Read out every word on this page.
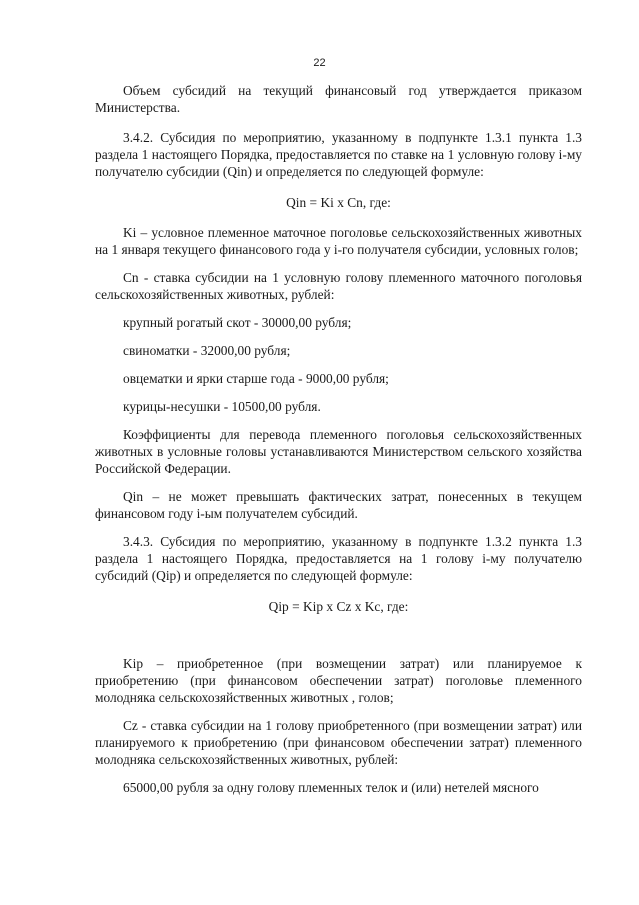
22

Объем субсидий на текущий финансовый год утверждается приказом Министерства.

3.4.2. Субсидия по мероприятию, указанному в подпункте 1.3.1 пункта 1.3 раздела 1 настоящего Порядка, предоставляется по ставке на 1 условную голову i-му получателю субсидии (Qin) и определяется по следующей формуле:

Qin = Ki х Cn, где:

Ki – условное племенное маточное поголовье сельскохозяйственных животных на 1 января текущего финансового года у i-го получателя субсидии, условных голов;

Cn - ставка субсидии на 1 условную голову племенного маточного поголовья сельскохозяйственных животных, рублей:

крупный рогатый скот - 30000,00 рубля;

свиноматки - 32000,00 рубля;

овцематки и ярки старше года - 9000,00 рубля;

курицы-несушки - 10500,00 рубля.

Коэффициенты для перевода племенного поголовья сельскохозяйственных животных в условные головы устанавливаются Министерством сельского хозяйства Российской Федерации.

Qin – не может превышать фактических затрат, понесенных в текущем финансовом году i-ым получателем субсидий.

3.4.3. Субсидия по мероприятию, указанному в подпункте 1.3.2 пункта 1.3 раздела 1 настоящего Порядка, предоставляется на 1 голову i-му получателю субсидий (Qip) и определяется по следующей формуле:

Qip = Kip х Cz х Kc, где:

Kip – приобретенное (при возмещении затрат) или планируемое к приобретению (при финансовом обеспечении затрат) поголовье племенного молодняка сельскохозяйственных животных , голов;

Cz - ставка субсидии на 1 голову приобретенного (при возмещении затрат) или планируемого к приобретению (при финансовом обеспечении затрат) племенного молодняка сельскохозяйственных животных, рублей:

65000,00 рубля за одну голову племенных телок и (или) нетелей мясного
